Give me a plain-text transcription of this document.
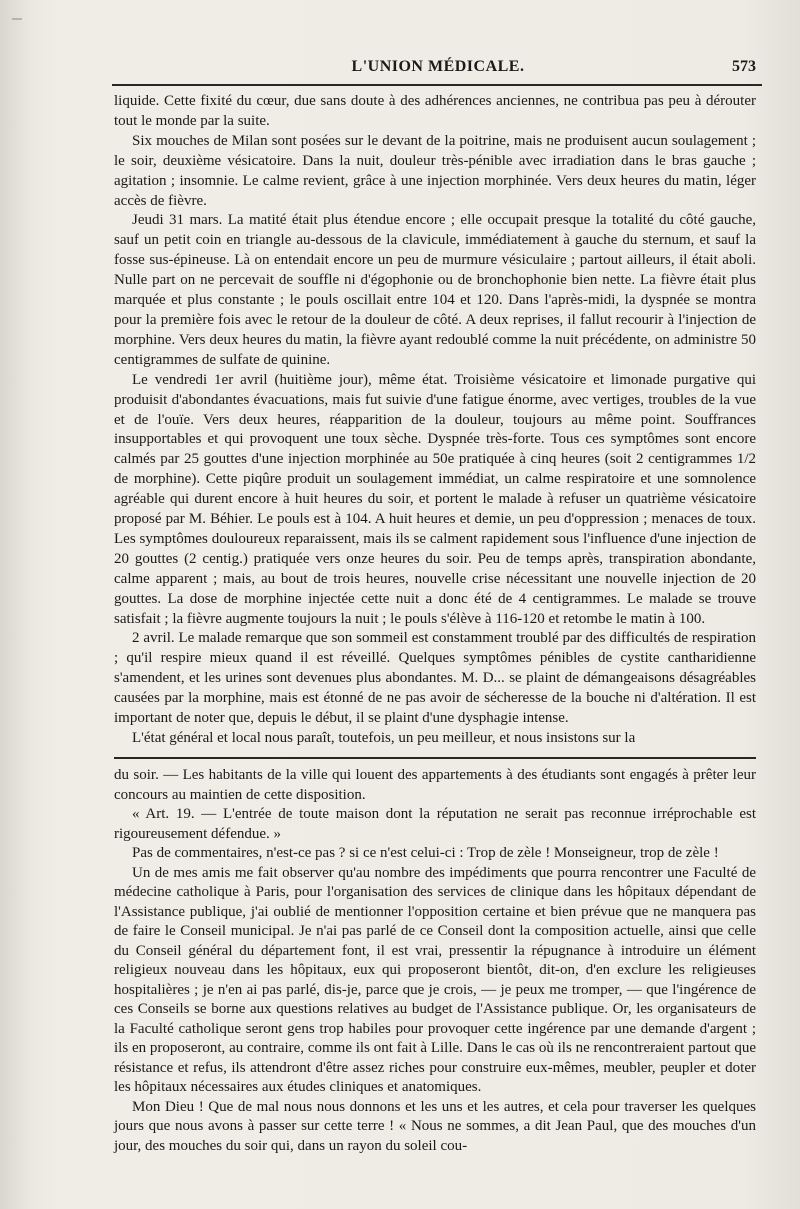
L'UNION MÉDICALE.	573

liquide. Cette fixité du cœur, due sans doute à des adhérences anciennes, ne contribua pas peu à dérouter tout le monde par la suite.

Six mouches de Milan sont posées sur le devant de la poitrine, mais ne produisent aucun soulagement ; le soir, deuxième vésicatoire. Dans la nuit, douleur très-pénible avec irradiation dans le bras gauche ; agitation ; insomnie. Le calme revient, grâce à une injection morphinée. Vers deux heures du matin, léger accès de fièvre.

Jeudi 31 mars. La matité était plus étendue encore ; elle occupait presque la totalité du côté gauche, sauf un petit coin en triangle au-dessous de la clavicule, immédiatement à gauche du sternum, et sauf la fosse sus-épineuse. Là on entendait encore un peu de murmure vésiculaire ; partout ailleurs, il était aboli. Nulle part on ne percevait de souffle ni d'égophonie ou de bronchophonie bien nette. La fièvre était plus marquée et plus constante ; le pouls oscillait entre 104 et 120. Dans l'après-midi, la dyspnée se montra pour la première fois avec le retour de la douleur de côté. A deux reprises, il fallut recourir à l'injection de morphine. Vers deux heures du matin, la fièvre ayant redoublé comme la nuit précédente, on administre 50 centigrammes de sulfate de quinine.

Le vendredi 1er avril (huitième jour), même état. Troisième vésicatoire et limonade purgative qui produisit d'abondantes évacuations, mais fut suivie d'une fatigue énorme, avec vertiges, troubles de la vue et de l'ouïe. Vers deux heures, réapparition de la douleur, toujours au même point. Souffrances insupportables et qui provoquent une toux sèche. Dyspnée très-forte. Tous ces symptômes sont encore calmés par 25 gouttes d'une injection morphinée au 50e pratiquée à cinq heures (soit 2 centigrammes 1/2 de morphine). Cette piqûre produit un soulagement immédiat, un calme respiratoire et une somnolence agréable qui durent encore à huit heures du soir, et portent le malade à refuser un quatrième vésicatoire proposé par M. Béhier. Le pouls est à 104. A huit heures et demie, un peu d'oppression ; menaces de toux. Les symptômes douloureux reparaissent, mais ils se calment rapidement sous l'influence d'une injection de 20 gouttes (2 centig.) pratiquée vers onze heures du soir. Peu de temps après, transpiration abondante, calme apparent ; mais, au bout de trois heures, nouvelle crise nécessitant une nouvelle injection de 20 gouttes. La dose de morphine injectée cette nuit a donc été de 4 centigrammes. Le malade se trouve satisfait ; la fièvre augmente toujours la nuit ; le pouls s'élève à 116-120 et retombe le matin à 100.

2 avril. Le malade remarque que son sommeil est constamment troublé par des difficultés de respiration ; qu'il respire mieux quand il est réveillé. Quelques symptômes pénibles de cystite cantharidienne s'amendent, et les urines sont devenues plus abondantes. M. D... se plaint de démangeaisons désagréables causées par la morphine, mais est étonné de ne pas avoir de sécheresse de la bouche ni d'altération. Il est important de noter que, depuis le début, il se plaint d'une dysphagie intense.

L'état général et local nous paraît, toutefois, un peu meilleur, et nous insistons sur la

du soir. — Les habitants de la ville qui louent des appartements à des étudiants sont engagés à prêter leur concours au maintien de cette disposition.

« Art. 19. — L'entrée de toute maison dont la réputation ne serait pas reconnue irréprochable est rigoureusement défendue. »

Pas de commentaires, n'est-ce pas ? si ce n'est celui-ci : Trop de zèle ! Monseigneur, trop de zèle !

Un de mes amis me fait observer qu'au nombre des impédiments que pourra rencontrer une Faculté de médecine catholique à Paris, pour l'organisation des services de clinique dans les hôpitaux dépendant de l'Assistance publique, j'ai oublié de mentionner l'opposition certaine et bien prévue que ne manquera pas de faire le Conseil municipal. Je n'ai pas parlé de ce Conseil dont la composition actuelle, ainsi que celle du Conseil général du département font, il est vrai, pressentir la répugnance à introduire un élément religieux nouveau dans les hôpitaux, eux qui proposeront bientôt, dit-on, d'en exclure les religieuses hospitalières ; je n'en ai pas parlé, dis-je, parce que je crois, — je peux me tromper, — que l'ingérence de ces Conseils se borne aux questions relatives au budget de l'Assistance publique. Or, les organisateurs de la Faculté catholique seront gens trop habiles pour provoquer cette ingérence par une demande d'argent ; ils en proposeront, au contraire, comme ils ont fait à Lille. Dans le cas où ils ne rencontreraient partout que résistance et refus, ils attendront d'être assez riches pour construire eux-mêmes, meubler, peupler et doter les hôpitaux nécessaires aux études cliniques et anatomiques.

Mon Dieu ! Que de mal nous nous donnons et les uns et les autres, et cela pour traverser les quelques jours que nous avons à passer sur cette terre ! « Nous ne sommes, a dit Jean Paul, que des mouches d'un jour, des mouches du soir qui, dans un rayon du soleil cou-
